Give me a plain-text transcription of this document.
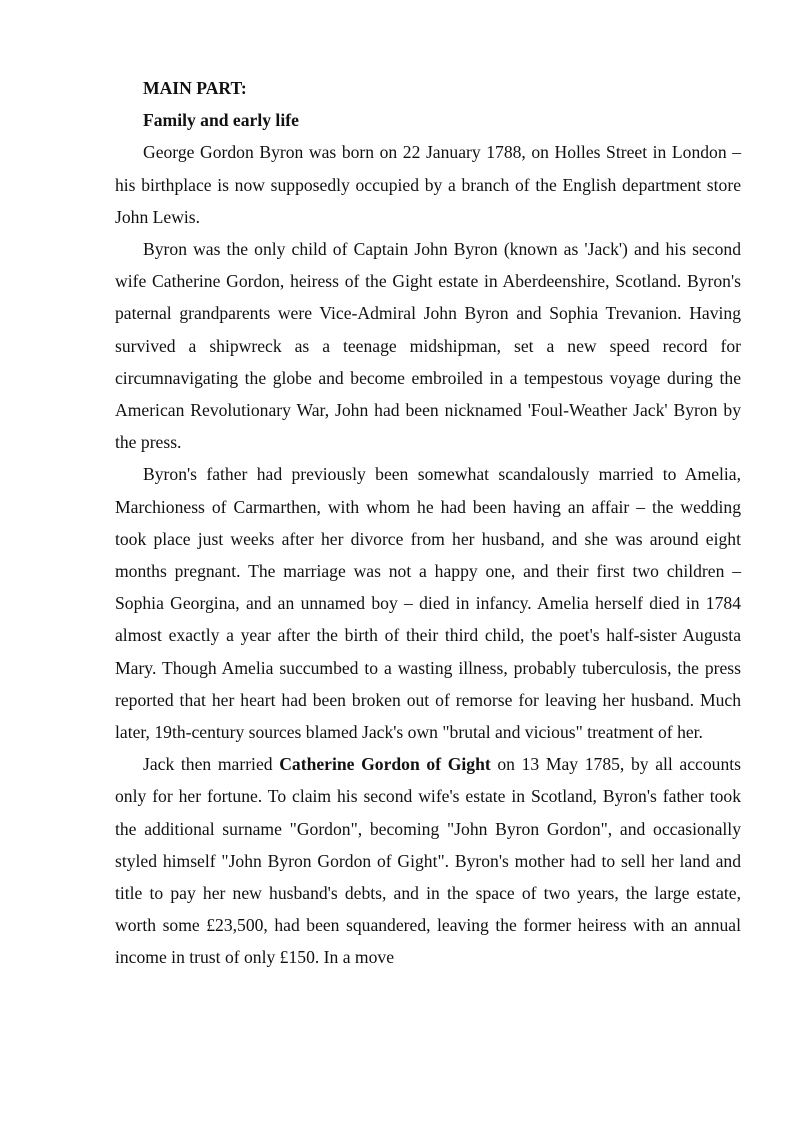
MAIN PART:

Family and early life

George Gordon Byron was born on 22 January 1788, on Holles Street in London – his birthplace is now supposedly occupied by a branch of the English department store John Lewis.

Byron was the only child of Captain John Byron (known as 'Jack') and his second wife Catherine Gordon, heiress of the Gight estate in Aberdeenshire, Scotland. Byron's paternal grandparents were Vice-Admiral John Byron and Sophia Trevanion. Having survived a shipwreck as a teenage midshipman, set a new speed record for circumnavigating the globe and become embroiled in a tempestous voyage during the American Revolutionary War, John had been nicknamed 'Foul-Weather Jack' Byron by the press.

Byron's father had previously been somewhat scandalously married to Amelia, Marchioness of Carmarthen, with whom he had been having an affair – the wedding took place just weeks after her divorce from her husband, and she was around eight months pregnant. The marriage was not a happy one, and their first two children – Sophia Georgina, and an unnamed boy – died in infancy. Amelia herself died in 1784 almost exactly a year after the birth of their third child, the poet's half-sister Augusta Mary. Though Amelia succumbed to a wasting illness, probably tuberculosis, the press reported that her heart had been broken out of remorse for leaving her husband. Much later, 19th-century sources blamed Jack's own "brutal and vicious" treatment of her.

Jack then married Catherine Gordon of Gight on 13 May 1785, by all accounts only for her fortune. To claim his second wife's estate in Scotland, Byron's father took the additional surname "Gordon", becoming "John Byron Gordon", and occasionally styled himself "John Byron Gordon of Gight". Byron's mother had to sell her land and title to pay her new husband's debts, and in the space of two years, the large estate, worth some £23,500, had been squandered, leaving the former heiress with an annual income in trust of only £150. In a move
